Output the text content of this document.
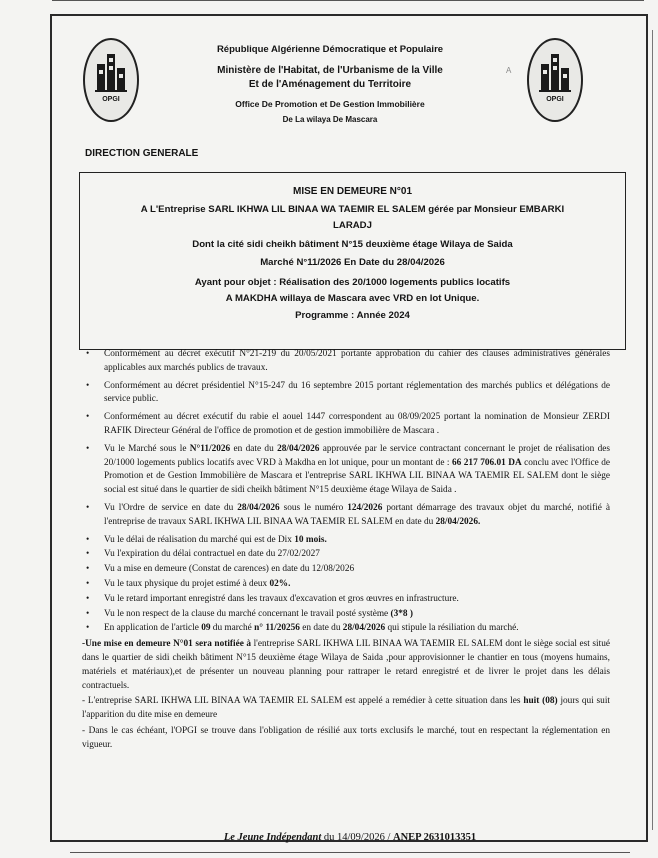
OPGI	OPGI
A
République Algérienne Démocratique et Populaire
Ministère de l'Habitat, de l'Urbanisme de la Ville
Et de l'Aménagement du Territoire
Office De Promotion et De Gestion Immobilière
De La wilaya De Mascara
DIRECTION GENERALE
MISE EN DEMEURE N°01
A L'Entreprise SARL IKHWA LIL BINAA WA TAEMIR EL SALEM gérée par Monsieur EMBARKI
LARADJ
Dont la cité sidi cheikh bâtiment N°15 deuxième étage Wilaya de Saida
Marché N°11/2026 En Date du 28/04/2026
Ayant pour objet : Réalisation des 20/1000 logements publics locatifs
A MAKDHA willaya de Mascara avec VRD en lot Unique.
Programme : Année 2024
• Conformément au décret exécutif N°21-219 du 20/05/2021 portante approbation du cahier des clauses administratives générales applicables aux marchés publics de travaux.
• Conformément au décret présidentiel N°15-247 du 16 septembre 2015 portant réglementation des marchés publics et délégations de service public.
• Conformément au décret exécutif du rabie el aouel 1447 correspondent au 08/09/2025 portant la nomination de Monsieur ZERDI RAFIK Directeur Général de l'office de promotion et de gestion immobilière de Mascara .
• Vu le Marché sous le N°11/2026 en date du 28/04/2026 approuvée par le service contractant concernant le projet de réalisation des 20/1000 logements publics locatifs avec VRD à Makdha en lot unique, pour un montant de : 66 217 706.01 DA conclu avec l'Office de Promotion et de Gestion Immobilière de Mascara et l'entreprise SARL IKHWA LIL BINAA WA TAEMIR EL SALEM dont le siège social est situé dans le quartier de sidi cheikh bâtiment N°15 deuxième étage Wilaya de Saida .
• Vu l'Ordre de service en date du 28/04/2026 sous le numéro 124/2026 portant démarrage des travaux objet du marché, notifié à l'entreprise de travaux SARL IKHWA LIL BINAA WA TAEMIR EL SALEM en date du 28/04/2026.
• Vu le délai de réalisation du marché qui est de Dix 10 mois.
• Vu l'expiration du délai contractuel en date du 27/02/2027
• Vu a mise en demeure (Constat de carences) en date du 12/08/2026
• Vu le taux physique du projet estimé à deux 02%.
• Vu le retard important enregistré dans les travaux d'excavation et gros œuvres en infrastructure.
• Vu le non respect de la clause du marché concernant le travail posté système (3*8 )
• En application de l'article 09 du marché n° 11/20256 en date du 28/04/2026 qui stipule la résiliation du marché.

-Une mise en demeure N°01 sera notifiée à l'entreprise SARL IKHWA LIL BINAA WA TAEMIR EL SALEM dont le siège social est situé dans le quartier de sidi cheikh bâtiment N°15 deuxième étage Wilaya de Saida ,pour approvisionner le chantier en tous (moyens humains, matériels et matériaux),et de présenter un nouveau planning pour rattraper le retard enregistré et de livrer le projet dans les délais contractuels.

- L'entreprise SARL IKHWA LIL BINAA WA TAEMIR EL SALEM est appelé a remédier à cette situation dans les huit (08) jours qui suit l'apparition du dite mise en demeure

- Dans le cas échéant, l'OPGI se trouve dans l'obligation de résilié aux torts exclusifs le marché, tout en respectant la réglementation en vigueur.

Le Jeune Indépendant du 14/09/2026 / ANEP 2631013351
